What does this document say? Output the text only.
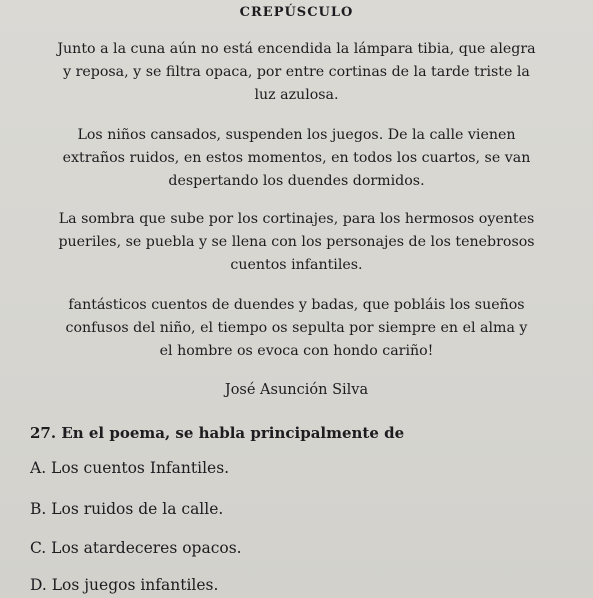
CREPÚSCULO
Junto a la cuna aún no está encendida la lámpara tibia, que alegra
y reposa, y se filtra opaca, por entre cortinas de la tarde triste la
luz azulosa.
Los niños cansados, suspenden los juegos. De la calle vienen
extraños ruidos, en estos momentos, en todos los cuartos, se van
despertando los duendes dormidos.
La sombra que sube por los cortinajes, para los hermosos oyentes
pueriles, se puebla y se llena con los personajes de los tenebrosos
cuentos infantiles.
fantásticos cuentos de duendes y badas, que pobláis los sueños
confusos del niño, el tiempo os sepulta por siempre en el alma y
el hombre os evoca con hondo cariño!
José Asunción Silva
27. En el poema, se habla principalmente de
A. Los cuentos Infantiles.
B. Los ruidos de la calle.
C. Los atardeceres opacos.
D. Los juegos infantiles.
